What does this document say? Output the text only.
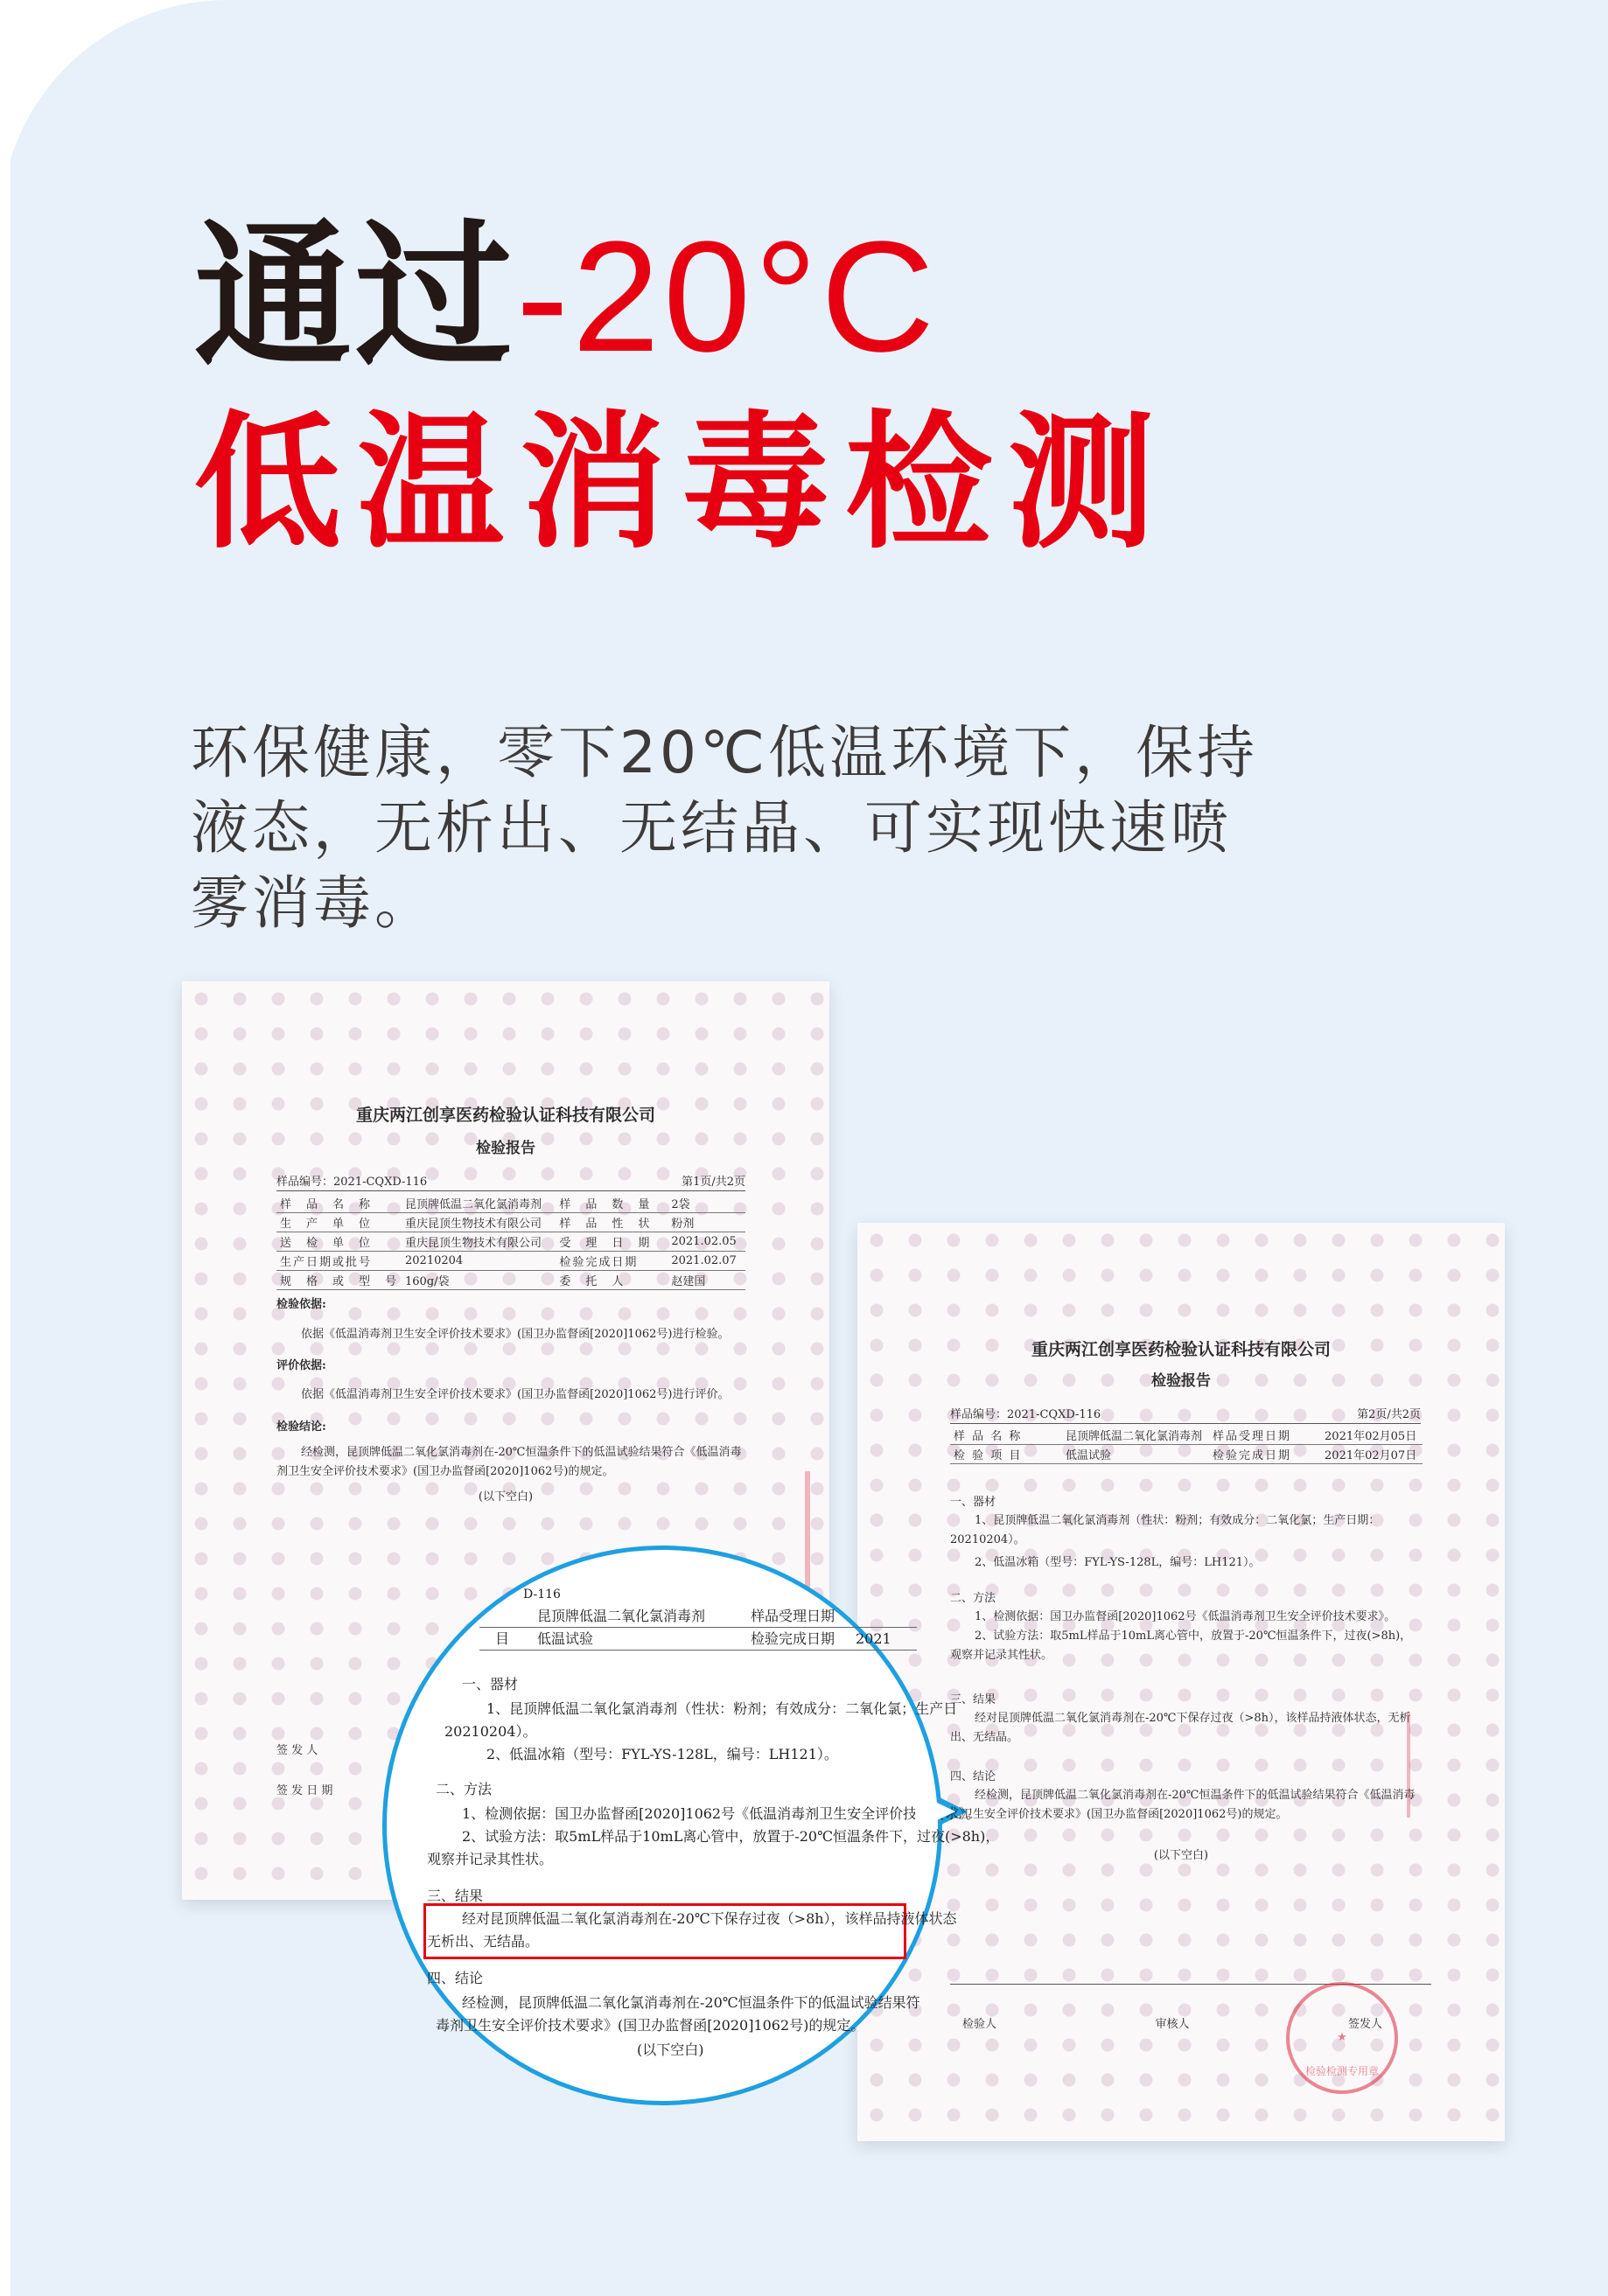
通过-20°C
低温消毒检测
环保健康，零下20℃低温环境下，保持
液态，无析出、无结晶、可实现快速喷
雾消毒。
重庆两江创享医药检验认证科技有限公司
检验报告
样品编号：2021-CQXD-116	第1页/共2页
样　品　名　称	昆顶牌低温二氧化氯消毒剂	样　品　数　量	2袋
生　产　单　位	重庆昆顶生物技术有限公司	样　品　性　状	粉剂
送　检　单　位	重庆昆顶生物技术有限公司	受　理　日　期	2021.02.05
生产日期或批号	20210204	检验完成日期	2021.02.07
规　格　或　型　号	160g/袋	委　托　人	赵建国
检验依据:
依据《低温消毒剂卫生安全评价技术要求》(国卫办监督函[2020]1062号)进行检验。
评价依据:
依据《低温消毒剂卫生安全评价技术要求》(国卫办监督函[2020]1062号)进行评价。
检验结论:
经检测，昆顶牌低温二氧化氯消毒剂在-20℃恒温条件下的低温试验结果符合《低温消毒剂卫生安全评价技术要求》(国卫办监督函[2020]1062号)的规定。
(以下空白)
签 发 人
签 发 日 期
重庆两江创享医药检验认证科技有限公司
检验报告
样品编号：2021-CQXD-116	第2页/共2页
样 品 名 称	昆顶牌低温二氧化氯消毒剂	样品受理日期	2021年02月05日
检 验 项 目	低温试验	检验完成日期	2021年02月07日
一、器材
1、昆顶牌低温二氧化氯消毒剂（性状：粉剂；有效成分：二氧化氯；生产日期：20210204）。
2、低温冰箱（型号：FYL-YS-128L，编号：LH121）。
二、方法
1、检测依据：国卫办监督函[2020]1062号《低温消毒剂卫生安全评价技术要求》。
2、试验方法：取5mL样品于10mL离心管中，放置于-20℃恒温条件下，过夜(>8h)，观察并记录其性状。
三、结果
经对昆顶牌低温二氧化氯消毒剂在-20℃下保存过夜（>8h），该样品持液体状态，无析出、无结晶。
四、结论
经检测，昆顶牌低温二氧化氯消毒剂在-20℃恒温条件下的低温试验结果符合《低温消毒剂卫生安全评价技术要求》(国卫办监督函[2020]1062号)的规定。
(以下空白)
检验人	审核人	签发人
★
检验检测专用章
D-116
昆顶牌低温二氧化氯消毒剂	样品受理日期
目 低温试验	检验完成日期 2021
一、器材
1、昆顶牌低温二氧化氯消毒剂（性状：粉剂；有效成分：二氧化氯；生产日
20210204）。
2、低温冰箱（型号：FYL-YS-128L，编号：LH121）。
二、方法
1、检测依据：国卫办监督函[2020]1062号《低温消毒剂卫生安全评价技术要求》。
2、试验方法：取5mL样品于10mL离心管中，放置于-20℃恒温条件下，过夜(>8h)，
观察并记录其性状。
三、结果
经对昆顶牌低温二氧化氯消毒剂在-20℃下保存过夜（>8h），该样品持液体状态
无析出、无结晶。
四、结论
经检测，昆顶牌低温二氧化氯消毒剂在-20℃恒温条件下的低温试验结果符
毒剂卫生安全评价技术要求》(国卫办监督函[2020]1062号)的规定。
(以下空白)
